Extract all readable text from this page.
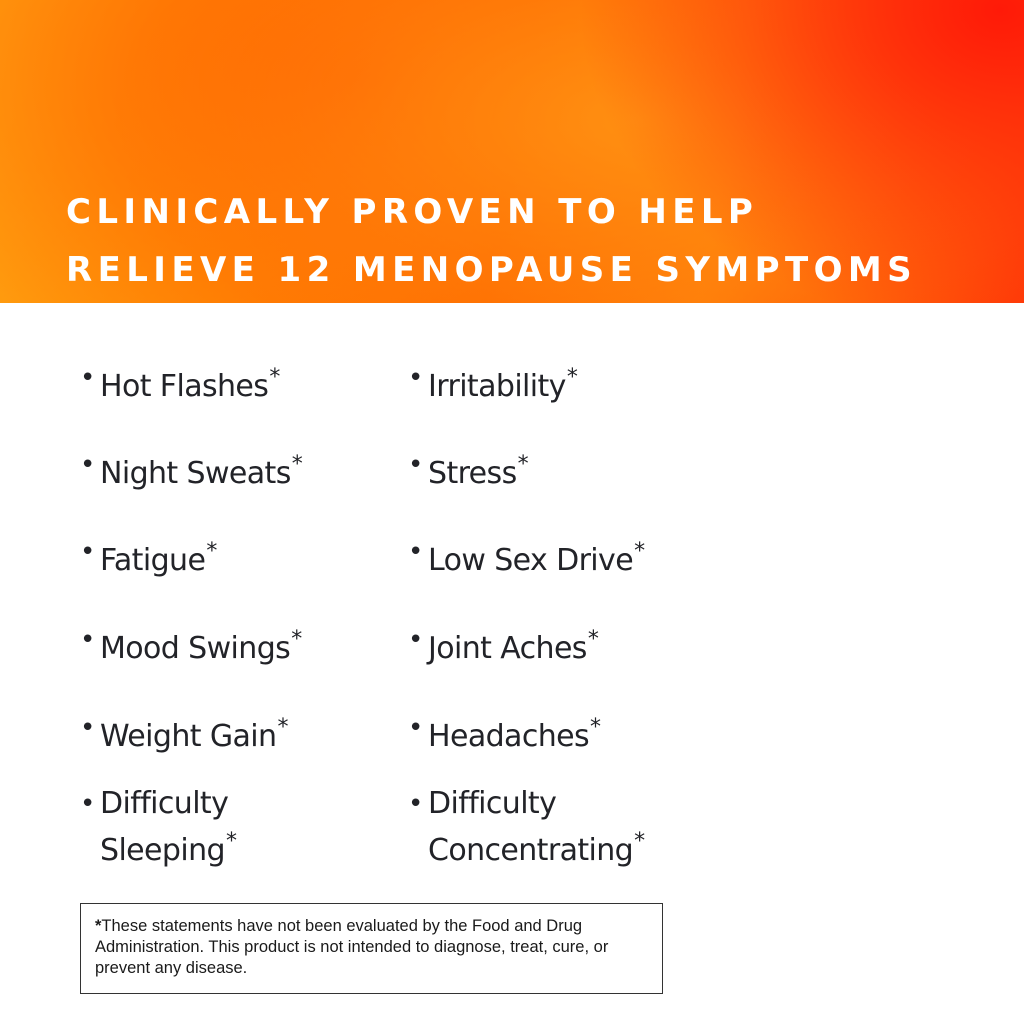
CLINICALLY PROVEN TO HELP
RELIEVE 12 MENOPAUSE SYMPTOMS
• Hot Flashes*
• Night Sweats*
• Fatigue*
• Mood Swings*
• Weight Gain*
• Difficulty
Sleeping*
• Irritability*
• Stress*
• Low Sex Drive*
• Joint Aches*
• Headaches*
• Difficulty
Concentrating*
*These statements have not been evaluated by the Food and Drug Administration. This product is not intended to diagnose, treat, cure, or prevent any disease.
